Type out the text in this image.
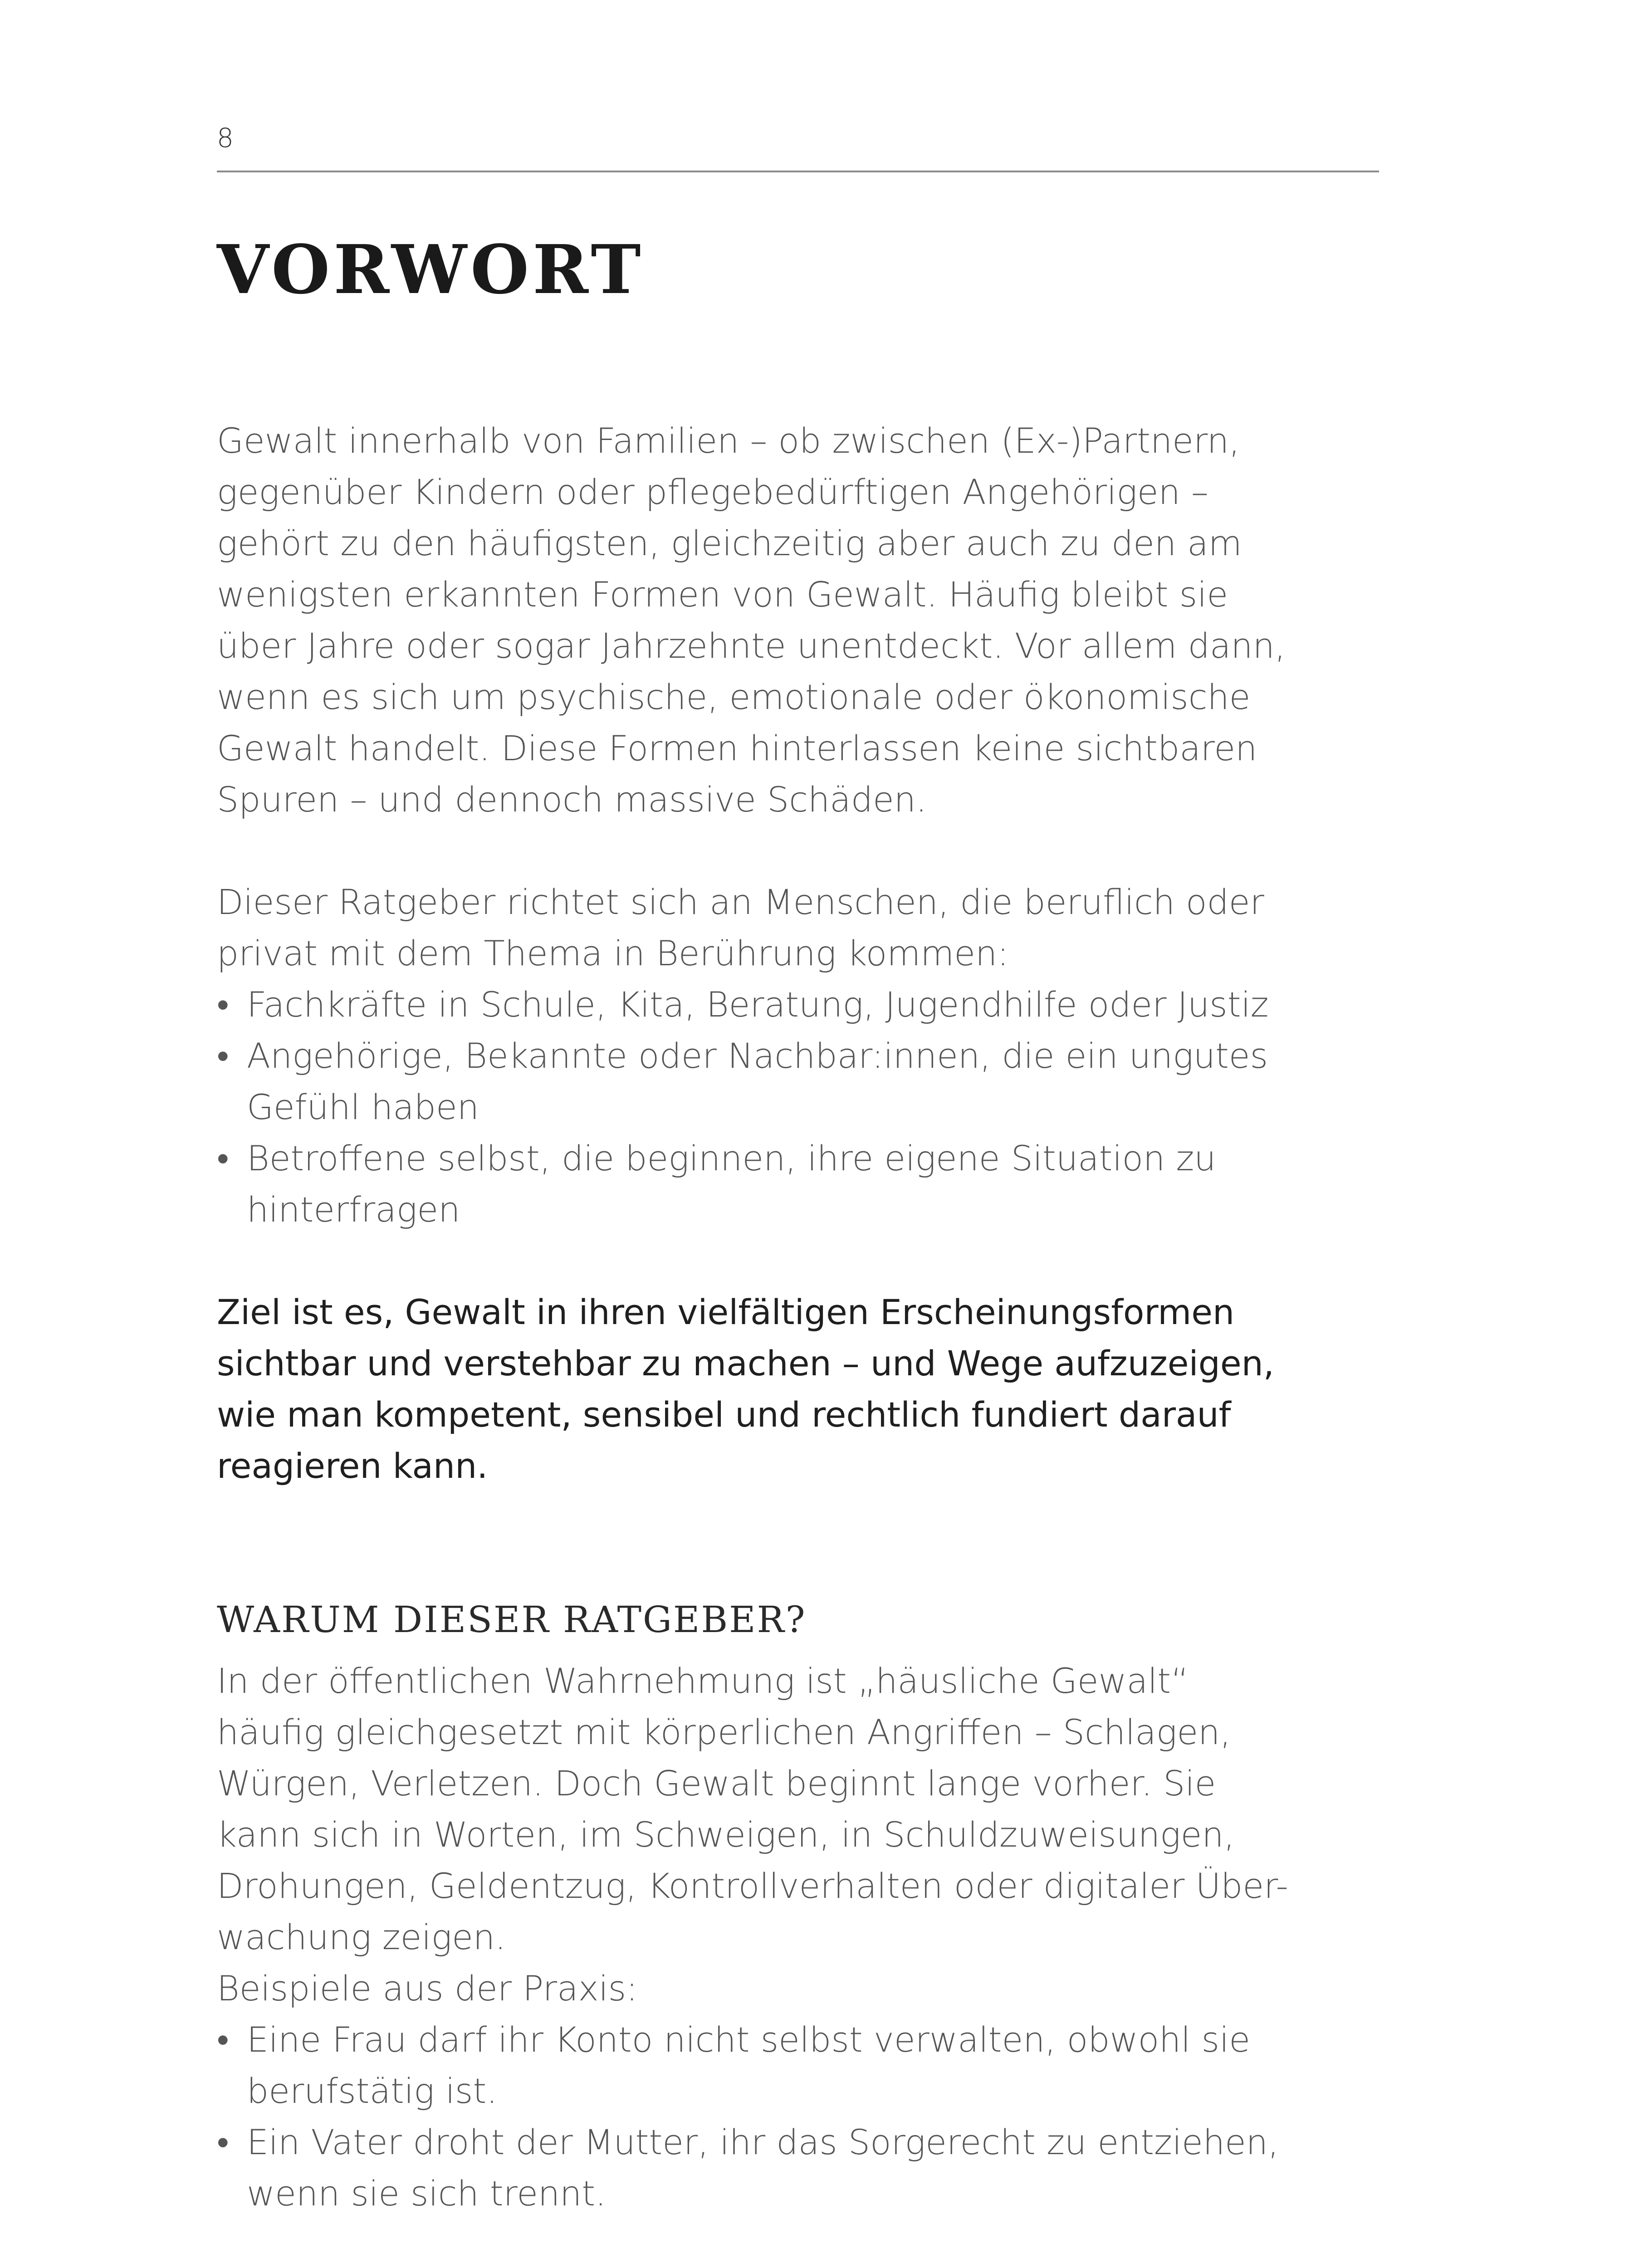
8
VORWORT

Gewalt innerhalb von Familien – ob zwischen (Ex-)Partnern,

gegenüber Kindern oder pflegebedürftigen Angehörigen –

gehört zu den häufigsten, gleichzeitig aber auch zu den am

wenigsten erkannten Formen von Gewalt. Häufig bleibt sie

über Jahre oder sogar Jahrzehnte unentdeckt. Vor allem dann,

wenn es sich um psychische, emotionale oder ökonomische

Gewalt handelt. Diese Formen hinterlassen keine sichtbaren

Spuren – und dennoch massive Schäden.

Dieser Ratgeber richtet sich an Menschen, die beruflich oder

privat mit dem Thema in Berührung kommen:

• Fachkräfte in Schule, Kita, Beratung, Jugendhilfe oder Justiz

• Angehörige, Bekannte oder Nachbar:innen, die ein ungutes

Gefühl haben

• Betroffene selbst, die beginnen, ihre eigene Situation zu

hinterfragen

Ziel ist es, Gewalt in ihren vielfältigen Erscheinungsformen

sichtbar und verstehbar zu machen – und Wege aufzuzeigen,

wie man kompetent, sensibel und rechtlich fundiert darauf

reagieren kann.

WARUM DIESER RATGEBER?

In der öffentlichen Wahrnehmung ist „häusliche Gewalt“

häufig gleichgesetzt mit körperlichen Angriffen – Schlagen,

Würgen, Verletzen. Doch Gewalt beginnt lange vorher. Sie

kann sich in Worten, im Schweigen, in Schuldzuweisungen,

Drohungen, Geldentzug, Kontrollverhalten oder digitaler Über-

wachung zeigen.

Beispiele aus der Praxis:

• Eine Frau darf ihr Konto nicht selbst verwalten, obwohl sie

berufstätig ist.

• Ein Vater droht der Mutter, ihr das Sorgerecht zu entziehen,

wenn sie sich trennt.
